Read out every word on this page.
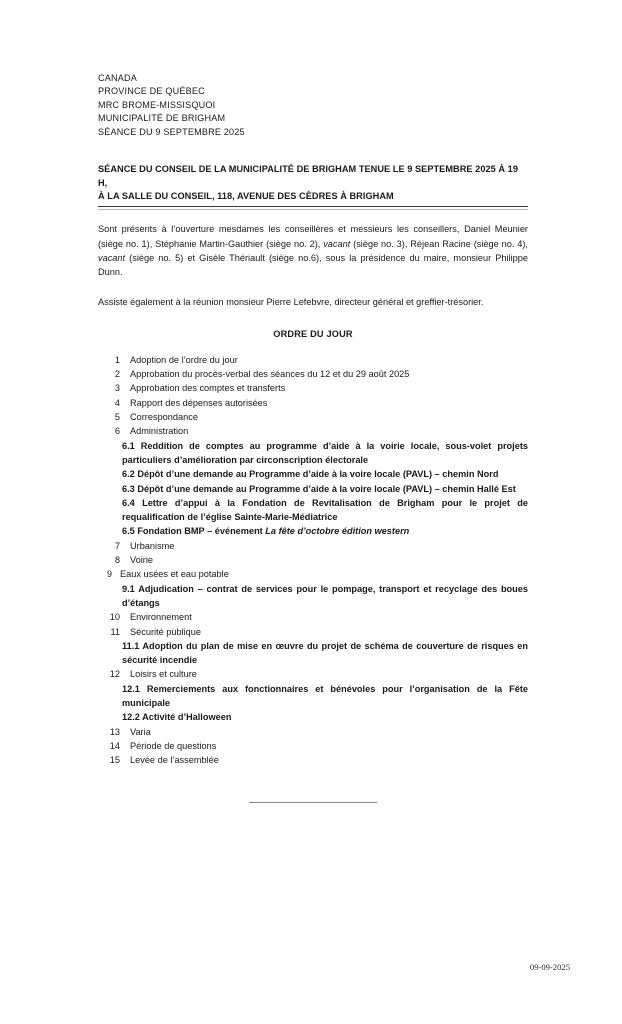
CANADA
PROVINCE DE QUÉBEC
MRC BROME-MISSISQUOI
MUNICIPALITÉ DE BRIGHAM
SÉANCE DU 9 SEPTEMBRE 2025
SÉANCE DU CONSEIL DE LA MUNICIPALITÉ DE BRIGHAM TENUE LE 9 SEPTEMBRE 2025 À 19 H,
À LA SALLE DU CONSEIL, 118, AVENUE DES CÈDRES À BRIGHAM

Sont présents à l’ouverture mesdames les conseillères et messieurs les conseillers, Daniel Meunier (siège no. 1), Stéphanie Martin-Gauthier (siège no. 2), vacant (siège no. 3), Réjean Racine (siège no. 4), vacant (siège no. 5) et Gisèle Thériault (siège no.6), sous la présidence du maire, monsieur Philippe Dunn.

Assiste également à la réunion monsieur Pierre Lefebvre, directeur général et greffier-trésorier.

ORDRE DU JOUR
1	Adoption de l’ordre du jour
2	Approbation du procès-verbal des séances du 12 et du 29 août 2025
3	Approbation des comptes et transferts
4	Rapport des dépenses autorisées
5	Correspondance
6	Administration
6.1 Reddition de comptes au programme d’aide à la voirie locale, sous-volet projets particuliers d’amélioration par circonscription électorale
6.2 Dépôt d’une demande au Programme d’aide à la voire locale (PAVL) – chemin Nord
6.3 Dépôt d’une demande au Programme d’aide à la voire locale (PAVL) – chemin Hallé Est
6.4 Lettre d’appui à la Fondation de Revitalisation de Brigham pour le projet de requalification de l’église Sainte-Marie-Médiatrice
6.5 Fondation BMP – événement La fête d’octobre édition western
7	Urbanisme
8	Voirie
9 Eaux usées et eau potable
9.1 Adjudication – contrat de services pour le pompage, transport et recyclage des boues d’étangs
10	Environnement
11	Sécurité publique
11.1 Adoption du plan de mise en œuvre du projet de schéma de couverture de risques en sécurité incendie
12	Loisirs et culture
12.1 Remerciements aux fonctionnaires et bénévoles pour l’organisation de la Fête municipale
12.2 Activité d’Halloween
13	Varia
14	Période de questions
15	Levée de l’assemblée
09-09-2025
